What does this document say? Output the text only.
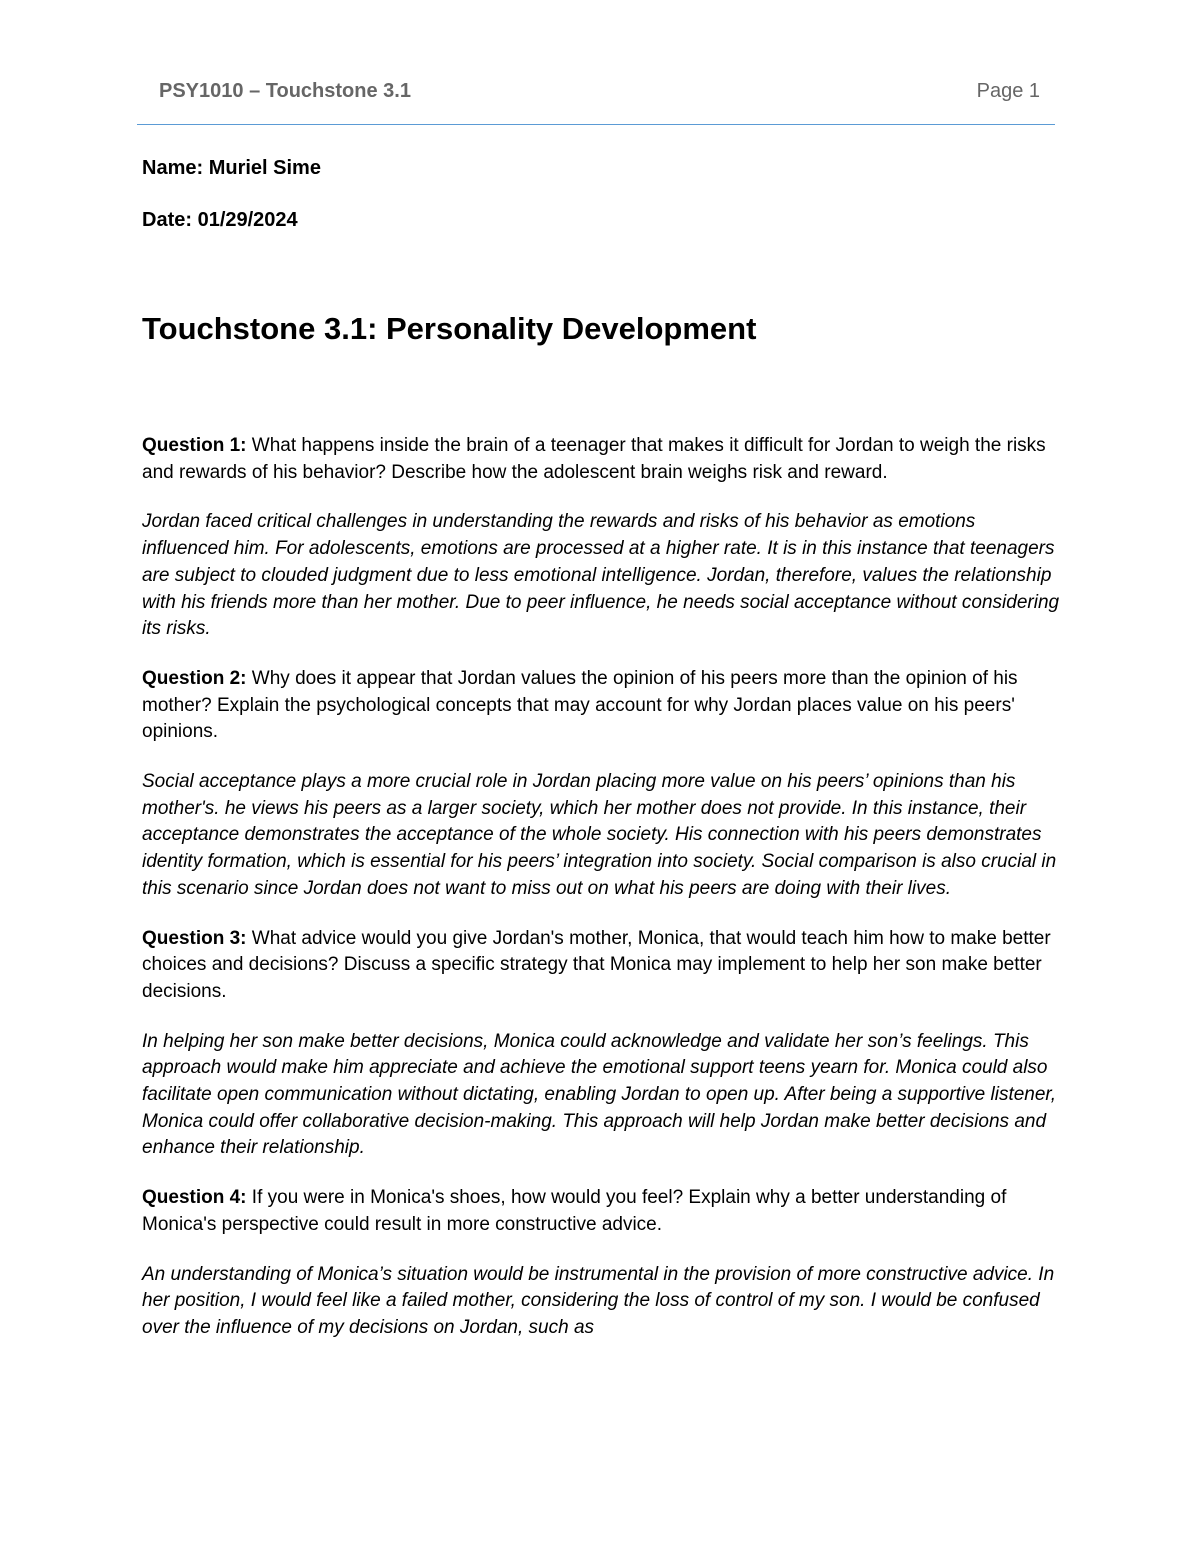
PSY1010 – Touchstone 3.1	Page 1
Name: Muriel Sime
Date: 01/29/2024
Touchstone 3.1: Personality Development

Question 1: What happens inside the brain of a teenager that makes it difficult for Jordan to weigh the risks and rewards of his behavior? Describe how the adolescent brain weighs risk and reward.

Jordan faced critical challenges in understanding the rewards and risks of his behavior as emotions influenced him. For adolescents, emotions are processed at a higher rate. It is in this instance that teenagers are subject to clouded judgment due to less emotional intelligence. Jordan, therefore, values the relationship with his friends more than her mother. Due to peer influence, he needs social acceptance without considering its risks.

Question 2: Why does it appear that Jordan values the opinion of his peers more than the opinion of his mother? Explain the psychological concepts that may account for why Jordan places value on his peers' opinions.

Social acceptance plays a more crucial role in Jordan placing more value on his peers’ opinions than his mother's. he views his peers as a larger society, which her mother does not provide. In this instance, their acceptance demonstrates the acceptance of the whole society. His connection with his peers demonstrates identity formation, which is essential for his peers’ integration into society. Social comparison is also crucial in this scenario since Jordan does not want to miss out on what his peers are doing with their lives.

Question 3: What advice would you give Jordan's mother, Monica, that would teach him how to make better choices and decisions? Discuss a specific strategy that Monica may implement to help her son make better decisions.

In helping her son make better decisions, Monica could acknowledge and validate her son’s feelings. This approach would make him appreciate and achieve the emotional support teens yearn for. Monica could also facilitate open communication without dictating, enabling Jordan to open up. After being a supportive listener, Monica could offer collaborative decision-making. This approach will help Jordan make better decisions and enhance their relationship.

Question 4: If you were in Monica's shoes, how would you feel? Explain why a better understanding of Monica's perspective could result in more constructive advice.

An understanding of Monica’s situation would be instrumental in the provision of more constructive advice. In her position, I would feel like a failed mother, considering the loss of control of my son. I would be confused over the influence of my decisions on Jordan, such as
